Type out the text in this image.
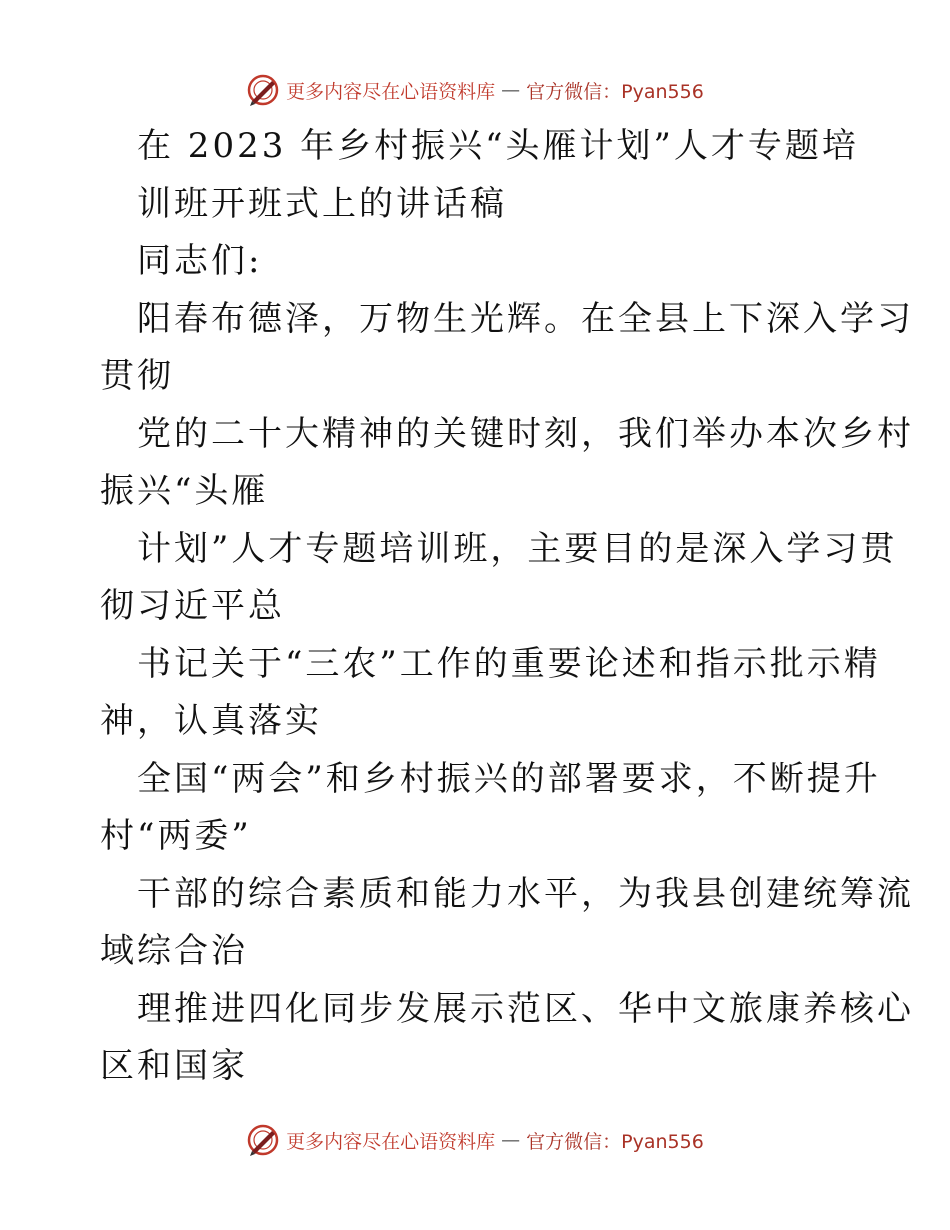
更多内容尽在心语资料库 — 官方微信：Pyan556
在 2023 年乡村振兴“头雁计划”人才专题培
训班开班式上的讲话稿
同志们:
阳春布德泽，万物生光辉。在全县上下深入学习
贯彻
党的二十大精神的关键时刻，我们举办本次乡村
振兴“头雁
计划”人才专题培训班，主要目的是深入学习贯
彻习近平总
书记关于“三农”工作的重要论述和指示批示精
神，认真落实
全国“两会”和乡村振兴的部署要求，不断提升
村“两委”
干部的综合素质和能力水平，为我县创建统筹流
域综合治
理推进四化同步发展示范区、华中文旅康养核心
区和国家
更多内容尽在心语资料库 — 官方微信：Pyan556
